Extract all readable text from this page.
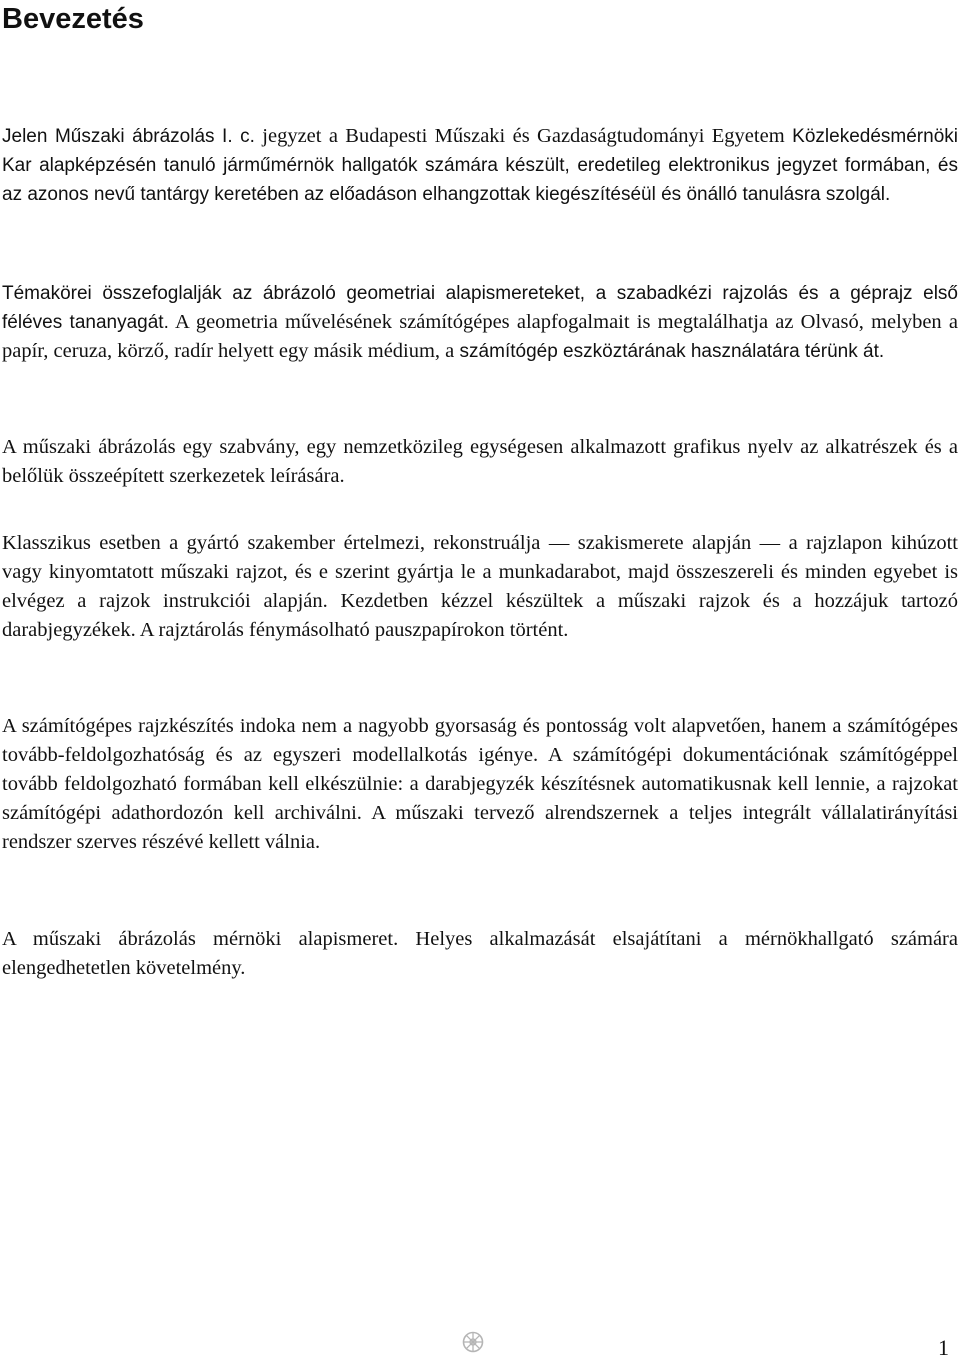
Bevezetés

Jelen Műszaki ábrázolás I. c. jegyzet a Budapesti Műszaki és Gazdaságtudományi Egyetem Közlekedésmérnöki Kar alapképzésén tanuló járműmérnök hallgatók számára készült, eredetileg elektronikus jegyzet formában, és az azonos nevű tantárgy keretében az előadáson elhangzottak kiegészítéséül és önálló tanulásra szolgál.

Témakörei összefoglalják az ábrázoló geometriai alapismereteket, a szabadkézi rajzolás és a géprajz első féléves tananyagát. A geometria művelésének számítógépes alapfogalmait is megtalálhatja az Olvasó, melyben a papír, ceruza, körző, radír helyett egy másik médium, a számítógép eszköztárának használatára térünk át.

A műszaki ábrázolás egy szabvány, egy nemzetközileg egységesen alkalmazott grafikus nyelv az alkatrészek és a belőlük összeépített szerkezetek leírására.

Klasszikus esetben a gyártó szakember értelmezi, rekonstruálja ― szakismerete alapján ― a rajzlapon kihúzott vagy kinyomtatott műszaki rajzot, és e szerint gyártja le a munkadarabot, majd összeszereli és minden egyebet is elvégez a rajzok instrukciói alapján. Kezdetben kézzel készültek a műszaki rajzok és a hozzájuk tartozó darabjegyzékek. A rajztárolás fénymásolható pauszpapírokon történt.

A számítógépes rajzkészítés indoka nem a nagyobb gyorsaság és pontosság volt alapvetően, hanem a számítógépes tovább-feldolgozhatóság és az egyszeri modellalkotás igénye. A számítógépi dokumentációnak számítógéppel tovább feldolgozható formában kell elkészülnie: a darabjegyzék készítésnek automatikusnak kell lennie, a rajzokat számítógépi adathordozón kell archiválni. A műszaki tervező alrendszernek a teljes integrált vállalatirányítási rendszer szerves részévé kellett válnia.

A műszaki ábrázolás mérnöki alapismeret. Helyes alkalmazását elsajátítani a mérnökhallgató számára elengedhetetlen követelmény.

1
